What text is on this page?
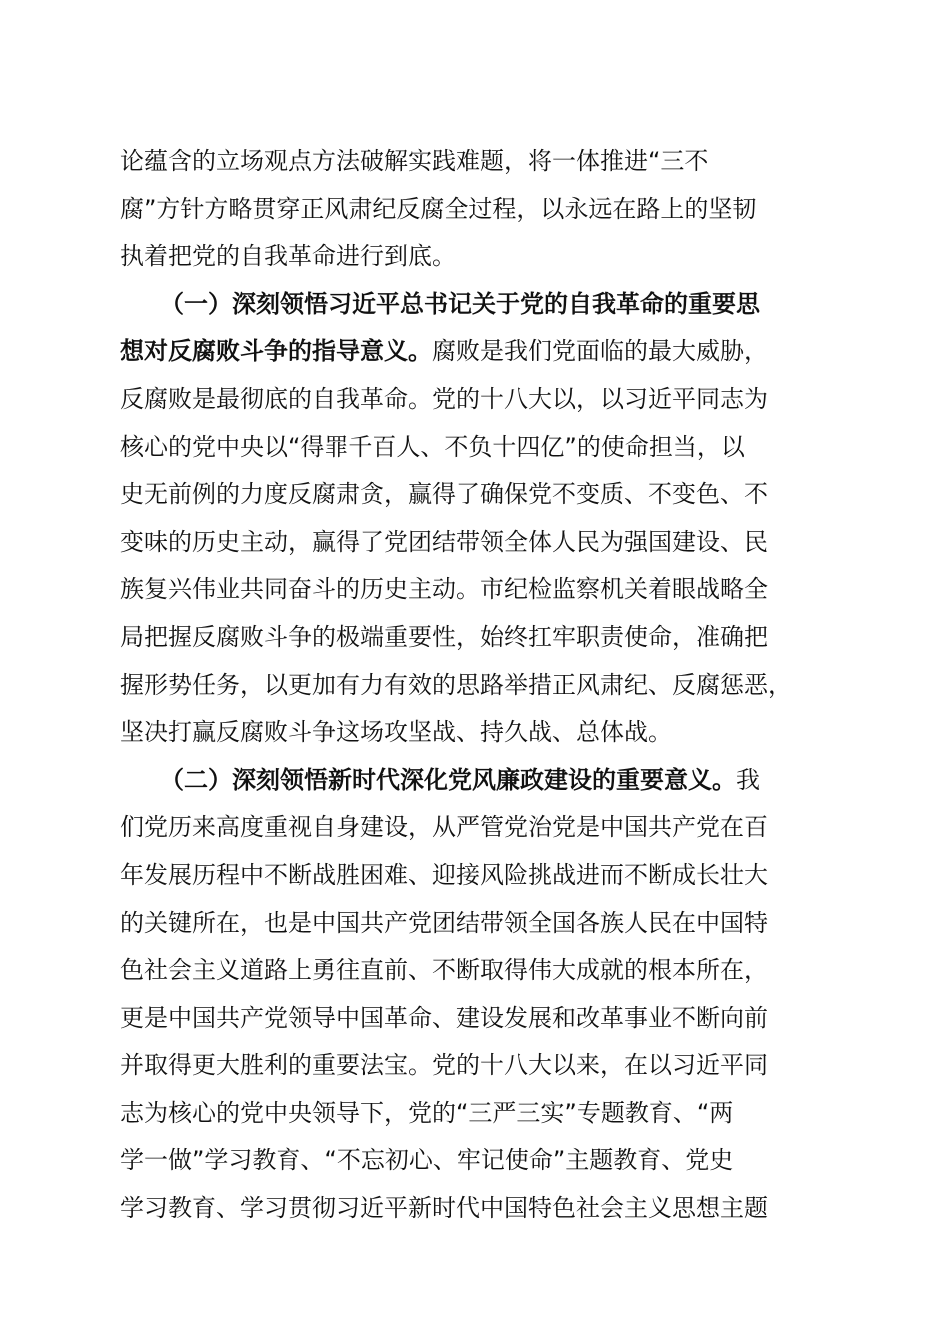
论蕴含的立场观点方法破解实践难题，将一体推进“三不
腐”方针方略贯穿正风肃纪反腐全过程，以永远在路上的坚韧
执着把党的自我革命进行到底。
（一）深刻领悟习近平总书记关于党的自我革命的重要思
想对反腐败斗争的指导意义。腐败是我们党面临的最大威胁，
反腐败是最彻底的自我革命。党的十八大以，以习近平同志为
核心的党中央以“得罪千百人、不负十四亿”的使命担当，以
史无前例的力度反腐肃贪，赢得了确保党不变质、不变色、不
变味的历史主动，赢得了党团结带领全体人民为强国建设、民
族复兴伟业共同奋斗的历史主动。市纪检监察机关着眼战略全
局把握反腐败斗争的极端重要性，始终扛牢职责使命，准确把
握形势任务，以更加有力有效的思路举措正风肃纪、反腐惩恶，
坚决打赢反腐败斗争这场攻坚战、持久战、总体战。
（二）深刻领悟新时代深化党风廉政建设的重要意义。我
们党历来高度重视自身建设，从严管党治党是中国共产党在百
年发展历程中不断战胜困难、迎接风险挑战进而不断成长壮大
的关键所在，也是中国共产党团结带领全国各族人民在中国特
色社会主义道路上勇往直前、不断取得伟大成就的根本所在，
更是中国共产党领导中国革命、建设发展和改革事业不断向前
并取得更大胜利的重要法宝。党的十八大以来，在以习近平同
志为核心的党中央领导下，党的“三严三实”专题教育、“两
学一做”学习教育、“不忘初心、牢记使命”主题教育、党史
学习教育、学习贯彻习近平新时代中国特色社会主义思想主题
